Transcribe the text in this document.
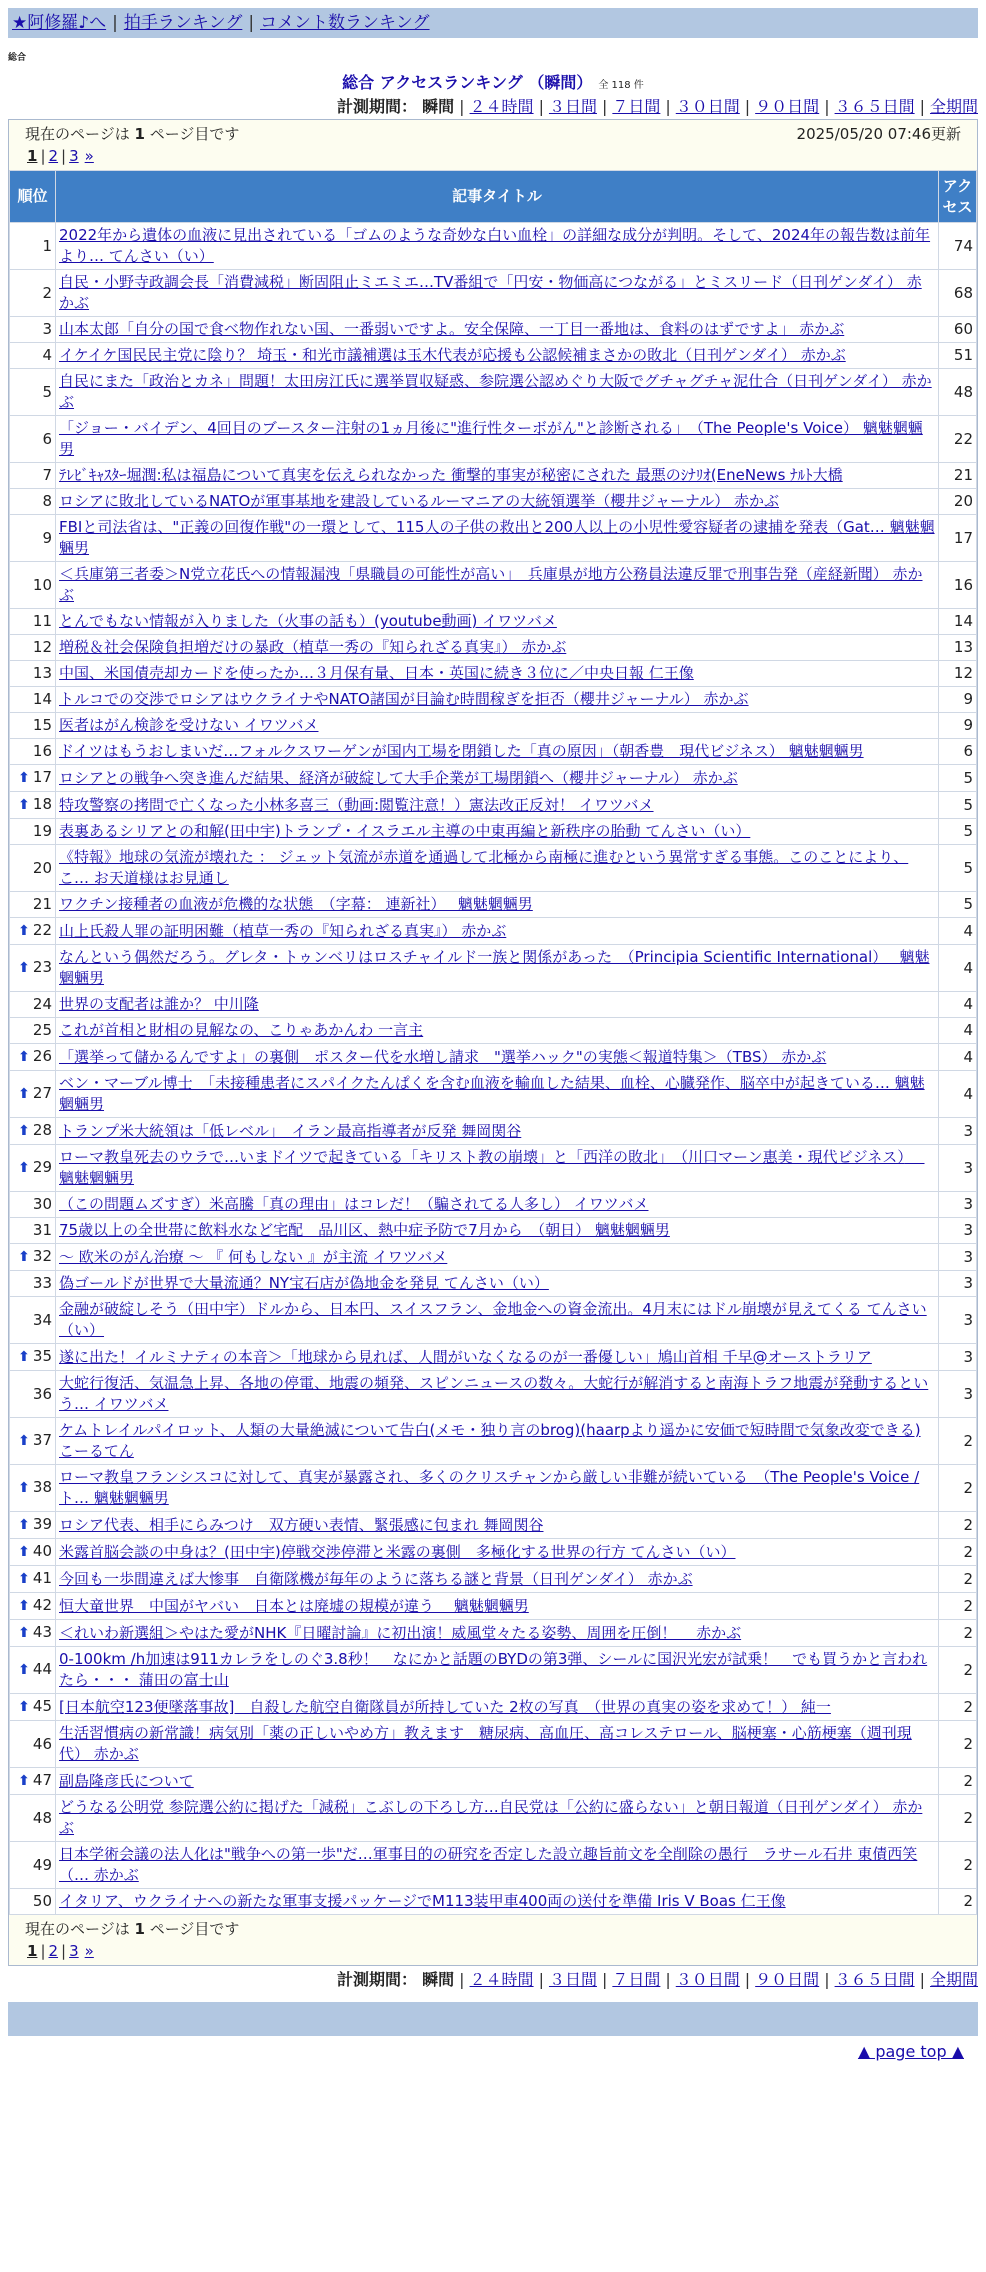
★阿修羅♪へ | 拍手ランキング | コメント数ランキング
総合
総合 アクセスランキング （瞬間） 全 118 件
計測期間： 瞬間 | ２４時間 | ３日間 | ７日間 | ３０日間 | ９０日間 | ３６５日間 | 全期間
現在のページは 1 ページ目です	2025/05/20 07:46更新
1 | 2 | 3 »
順位	記事タイトル	アクセス
1	2022年から遺体の血液に見出されている「ゴムのような奇妙な白い血栓」の詳細な成分が判明。そして、2024年の報告数は前年より… てんさい（い）	74
2	自民・小野寺政調会長「消費減税」断固阻止ミエミエ…TV番組で「円安・物価高につながる」とミスリード（日刊ゲンダイ） 赤かぶ	68
3	山本太郎「自分の国で食べ物作れない国、一番弱いですよ。安全保障、一丁目一番地は、食料のはずですよ」 赤かぶ	60
4	イケイケ国民民主党に陰り？ 埼玉・和光市議補選は玉木代表が応援も公認候補まさかの敗北（日刊ゲンダイ） 赤かぶ	51
5	自民にまた「政治とカネ」問題！太田房江氏に選挙買収疑惑、参院選公認めぐり大阪でグチャグチャ泥仕合（日刊ゲンダイ） 赤かぶ	48
6	「ジョー・バイデン、4回目のブースター注射の1ヵ月後に"進行性ターボがん"と診断される」　（The People's Voice） 魑魅魍魎男	22
7	ﾃﾚﾋﾞｷｬｽﾀｰ堀潤:私は福島について真実を伝えられなかった 衝撃的事実が秘密にされた 最悪のｼﾅﾘｵ(EneNews ﾅﾙﾄ大橋	21
8	ロシアに敗北しているNATOが軍事基地を建設しているルーマニアの大統領選挙（櫻井ジャーナル） 赤かぶ	20
9	FBIと司法省は、"正義の回復作戦"の一環として、115人の子供の救出と200人以上の小児性愛容疑者の逮捕を発表（Gat… 魑魅魍魎男	17
10	＜兵庫第三者委＞N党立花氏への情報漏洩「県職員の可能性が高い」　兵庫県が地方公務員法違反罪で刑事告発（産経新聞） 赤かぶ	16
11	とんでもない情報が入りました（火事の話も）(youtube動画) イワツバメ	14
12	増税＆社会保険負担増だけの暴政（植草一秀の『知られざる真実』） 赤かぶ	13
13	中国、米国債売却カードを使ったか…３月保有量、日本・英国に続き３位に／中央日報 仁王像	12
14	トルコでの交渉でロシアはウクライナやNATO諸国が目論む時間稼ぎを拒否（櫻井ジャーナル） 赤かぶ	9
15	医者はがん検診を受けない イワツバメ	9
16	ドイツはもうおしまいだ…フォルクスワーゲンが国内工場を閉鎖した「真の原因」（朝香豊　現代ビジネス） 魑魅魍魎男	6
⬆ 17	ロシアとの戦争へ突き進んだ結果、経済が破綻して大手企業が工場閉鎖へ（櫻井ジャーナル） 赤かぶ	5
⬆ 18	特攻警察の拷問で亡くなった小林多喜三（動画:閲覧注意！）憲法改正反対！ イワツバメ	5
19	表裏あるシリアとの和解(田中宇)トランプ・イスラエル主導の中東再編と新秩序の胎動 てんさい（い）	5
20	《特報》地球の気流が壊れた ： ジェット気流が赤道を通過して北極から南極に進むという異常すぎる事態。このことにより、こ… お天道様はお見通し	5
21	ワクチン接種者の血液が危機的な状態　（字幕： 連新社）　 魑魅魍魎男	5
⬆ 22	山上氏殺人罪の証明困難（植草一秀の『知られざる真実』） 赤かぶ	4
⬆ 23	なんという偶然だろう。グレタ・トゥンベリはロスチャイルド一族と関係があった　（Principia Scientific International）　 魑魅魍魎男	4
24	世界の支配者は誰か？ 中川隆	4
25	これが首相と財相の見解なの、こりゃあかんわ 一言主	4
⬆ 26	「選挙って儲かるんですよ」の裏側　ポスター代を水増し請求　"選挙ハック"の実態＜報道特集＞（TBS） 赤かぶ	4
⬆ 27	ベン・マーブル博士　「未接種患者にスパイクたんぱくを含む血液を輸血した結果、血栓、心臓発作、脳卒中が起きている… 魑魅魍魎男	4
⬆ 28	トランプ米大統領は「低レベル」　イラン最高指導者が反発 舞岡関谷	3
⬆ 29	ローマ教皇死去のウラで…いまドイツで起きている「キリスト教の崩壊」と「西洋の敗北」　（川口マーン惠美・現代ビジネス）　 魑魅魍魎男	3
30	（この問題ムズすぎ）米高騰「真の理由」はコレだ！（騙されてる人多し） イワツバメ	3
31	75歳以上の全世帯に飲料水など宅配　品川区、熱中症予防で7月から　（朝日） 魑魅魍魎男	3
⬆ 32	～ 欧米のがん治療 ～ 『 何もしない 』が主流 イワツバメ	3
33	偽ゴールドが世界で大量流通？NY宝石店が偽地金を発見 てんさい（い）	3
34	金融が破綻しそう（田中宇）ドルから、日本円、スイスフラン、金地金への資金流出。4月末にはドル崩壊が見えてくる てんさい（い）	3
⬆ 35	遂に出た！イルミナティの本音＞「地球から見れば、人間がいなくなるのが一番優しい」鳩山首相 千早@オーストラリア	3
36	大蛇行復活、気温急上昇、各地の停電、地震の頻発、スピンニュースの数々。大蛇行が解消すると南海トラフ地震が発動するという… イワツバメ	3
⬆ 37	ケムトレイルパイロット、人類の大量絶滅について告白(メモ・独り言のbrog)(haarpより遥かに安価で短時間で気象改変できる) こーるてん	2
⬆ 38	ローマ教皇フランシスコに対して、真実が暴露され、多くのクリスチャンから厳しい非難が続いている　（The People's Voice / ト… 魑魅魍魎男	2
⬆ 39	ロシア代表、相手にらみつけ　双方硬い表情、緊張感に包まれ 舞岡関谷	2
⬆ 40	米露首脳会談の中身は？(田中宇)停戦交渉停滞と米露の裏側　多極化する世界の行方 てんさい（い）	2
⬆ 41	今回も一歩間違えば大惨事　自衛隊機が毎年のように落ちる謎と背景（日刊ゲンダイ） 赤かぶ	2
⬆ 42	恒大童世界　中国がヤバい　日本とは廃墟の規模が違う　 魑魅魍魎男	2
⬆ 43	＜れいわ新選組＞やはた愛がNHK『日曜討論』に初出演！威風堂々たる姿勢、周囲を圧倒！　 赤かぶ	2
⬆ 44	0-100km /h加速は911カレラをしのぐ3.8秒！　なにかと話題のBYDの第3弾、シールに国沢光宏が試乗！　でも買うかと言われたら・・・ 蒲田の富士山	2
⬆ 45	[日本航空123便墜落事故]　自殺した航空自衛隊員が所持していた 2枚の写真　（世界の真実の姿を求めて！） 純一	2
46	生活習慣病の新常識！病気別「薬の正しいやめ方」教えます　糖尿病、高血圧、高コレステロール、脳梗塞・心筋梗塞（週刊現代） 赤かぶ	2
⬆ 47	副島隆彦氏について	2
48	どうなる公明党 参院選公約に掲げた「減税」こぶしの下ろし方…自民党は「公約に盛らない」と朝日報道（日刊ゲンダイ） 赤かぶ	2
49	日本学術会議の法人化は"戦争への第一歩"だ…軍事目的の研究を否定した設立趣旨前文を全削除の愚行　ラサール石井 東債西笑（… 赤かぶ	2
50	イタリア、ウクライナへの新たな軍事支援パッケージでM113装甲車400両の送付を準備 Iris V Boas 仁王像	2
現在のページは 1 ページ目です
1 | 2 | 3 »
計測期間： 瞬間 | ２４時間 | ３日間 | ７日間 | ３０日間 | ９０日間 | ３６５日間 | 全期間
▲ page top ▲
